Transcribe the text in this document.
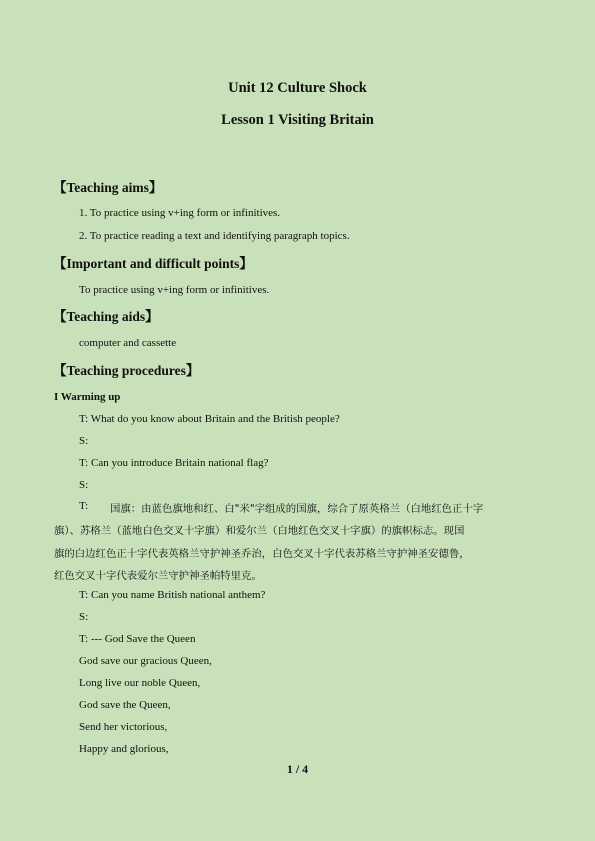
Unit 12 Culture Shock
Lesson 1 Visiting Britain
【Teaching aims】
1. To practice using v+ing form or infinitives.
2. To practice reading a text and identifying paragraph topics.
【Important and difficult points】
To practice using v+ing form or infinitives.
【Teaching aids】
computer and cassette
【Teaching procedures】
I Warming up
T: What do you know about Britain and the British people?
S:
T: Can you introduce Britain national flag?
S:
T: 国旗：由蓝色旗地和红、白"米"字组成的国旗，综合了原英格兰（白地红色正十字
旗）、苏格兰（蓝地白色交叉十字旗）和爱尔兰（白地红色交叉十字旗）的旗帜标志。现国
旗的白边红色正十字代表英格兰守护神圣乔治，白色交叉十字代表苏格兰守护神圣安德鲁，
红色交叉十字代表爱尔兰守护神圣帕特里克。
T: Can you name British national anthem?
S:
T: --- God Save the Queen
God save our gracious Queen,
Long live our noble Queen,
God save the Queen,
Send her victorious,
Happy and glorious,
1 / 4
